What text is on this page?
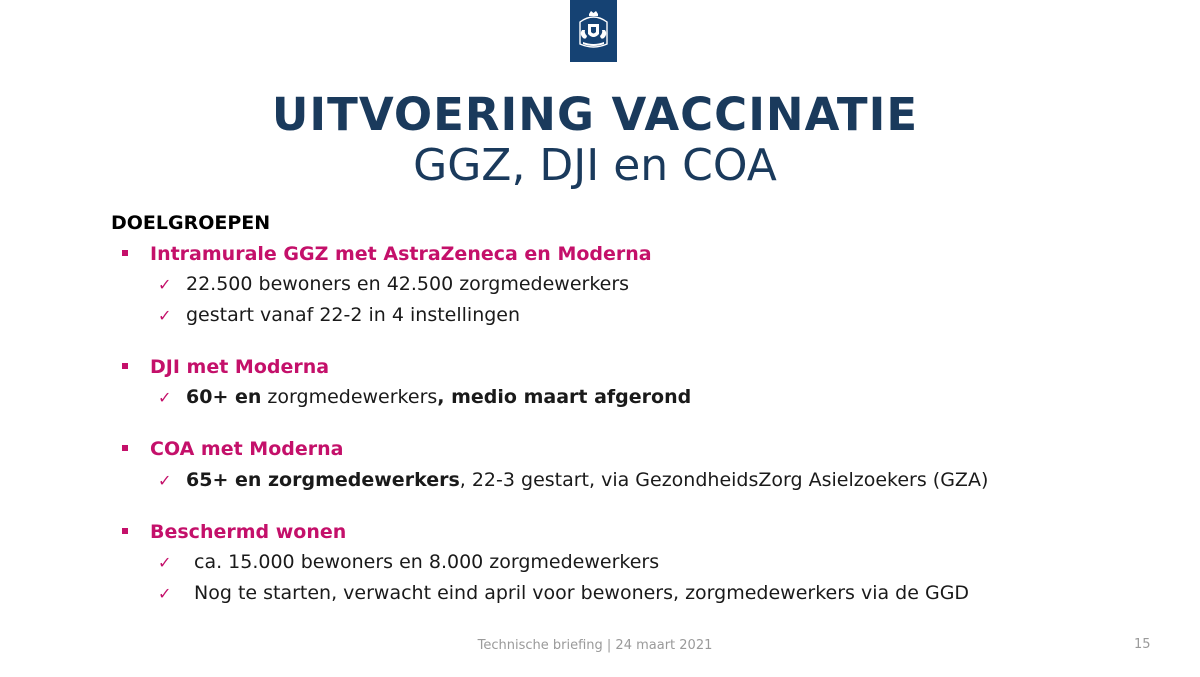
UITVOERING VACCINATIE
GGZ, DJI en COA
DOELGROEPEN
Intramurale GGZ met AstraZeneca en Moderna
✓ 22.500 bewoners en 42.500 zorgmedewerkers
✓ gestart vanaf 22-2 in 4 instellingen
DJI met Moderna
✓ 60+ en zorgmedewerkers, medio maart afgerond
COA met Moderna
✓ 65+ en zorgmedewerkers, 22-3 gestart, via GezondheidsZorg Asielzoekers (GZA)
Beschermd wonen
✓ ca. 15.000 bewoners en 8.000 zorgmedewerkers
✓ Nog te starten, verwacht eind april voor bewoners, zorgmedewerkers via de GGD
Technische briefing | 24 maart 2021	15
